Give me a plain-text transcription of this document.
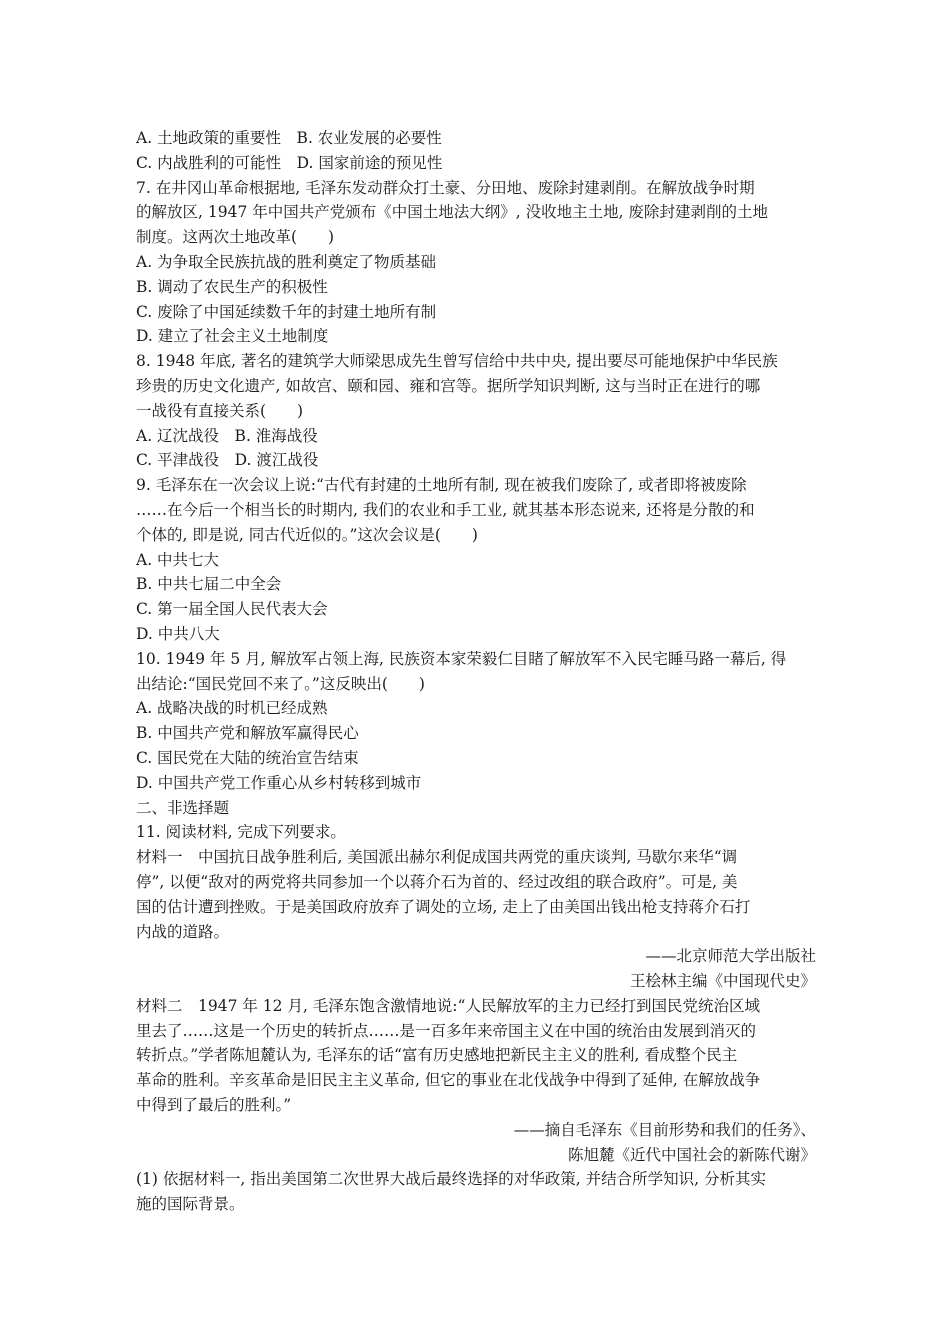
A. 土地政策的重要性　B. 农业发展的必要性
C. 内战胜利的可能性　D. 国家前途的预见性
7. 在井冈山革命根据地, 毛泽东发动群众打土豪、分田地、废除封建剥削。在解放战争时期
的解放区, 1947 年中国共产党颁布《中国土地法大纲》, 没收地主土地, 废除封建剥削的土地
制度。这两次土地改革(　　)
A. 为争取全民族抗战的胜利奠定了物质基础
B. 调动了农民生产的积极性
C. 废除了中国延续数千年的封建土地所有制
D. 建立了社会主义土地制度
8. 1948 年底, 著名的建筑学大师梁思成先生曾写信给中共中央, 提出要尽可能地保护中华民族
珍贵的历史文化遗产, 如故宫、颐和园、雍和宫等。据所学知识判断, 这与当时正在进行的哪
一战役有直接关系(　　)
A. 辽沈战役　B. 淮海战役
C. 平津战役　D. 渡江战役
9. 毛泽东在一次会议上说:“古代有封建的土地所有制, 现在被我们废除了, 或者即将被废除
……在今后一个相当长的时期内, 我们的农业和手工业, 就其基本形态说来, 还将是分散的和
个体的, 即是说, 同古代近似的。”这次会议是(　　)
A. 中共七大
B. 中共七届二中全会
C. 第一届全国人民代表大会
D. 中共八大
10. 1949 年 5 月, 解放军占领上海, 民族资本家荣毅仁目睹了解放军不入民宅睡马路一幕后, 得
出结论:“国民党回不来了。”这反映出(　　)
A. 战略决战的时机已经成熟
B. 中国共产党和解放军赢得民心
C. 国民党在大陆的统治宣告结束
D. 中国共产党工作重心从乡村转移到城市
二、非选择题
11. 阅读材料, 完成下列要求。
材料一　中国抗日战争胜利后, 美国派出赫尔利促成国共两党的重庆谈判, 马歇尔来华“调
停”, 以便“敌对的两党将共同参加一个以蒋介石为首的、经过改组的联合政府”。可是, 美
国的估计遭到挫败。于是美国政府放弃了调处的立场, 走上了由美国出钱出枪支持蒋介石打
内战的道路。
——北京师范大学出版社
王桧林主编《中国现代史》
材料二　1947 年 12 月, 毛泽东饱含激情地说:“人民解放军的主力已经打到国民党统治区域
里去了……这是一个历史的转折点……是一百多年来帝国主义在中国的统治由发展到消灭的
转折点。”学者陈旭麓认为, 毛泽东的话“富有历史感地把新民主主义的胜利, 看成整个民主
革命的胜利。辛亥革命是旧民主主义革命, 但它的事业在北伐战争中得到了延伸, 在解放战争
中得到了最后的胜利。”
——摘自毛泽东《目前形势和我们的任务》、
陈旭麓《近代中国社会的新陈代谢》
(1) 依据材料一, 指出美国第二次世界大战后最终选择的对华政策, 并结合所学知识, 分析其实
施的国际背景。
